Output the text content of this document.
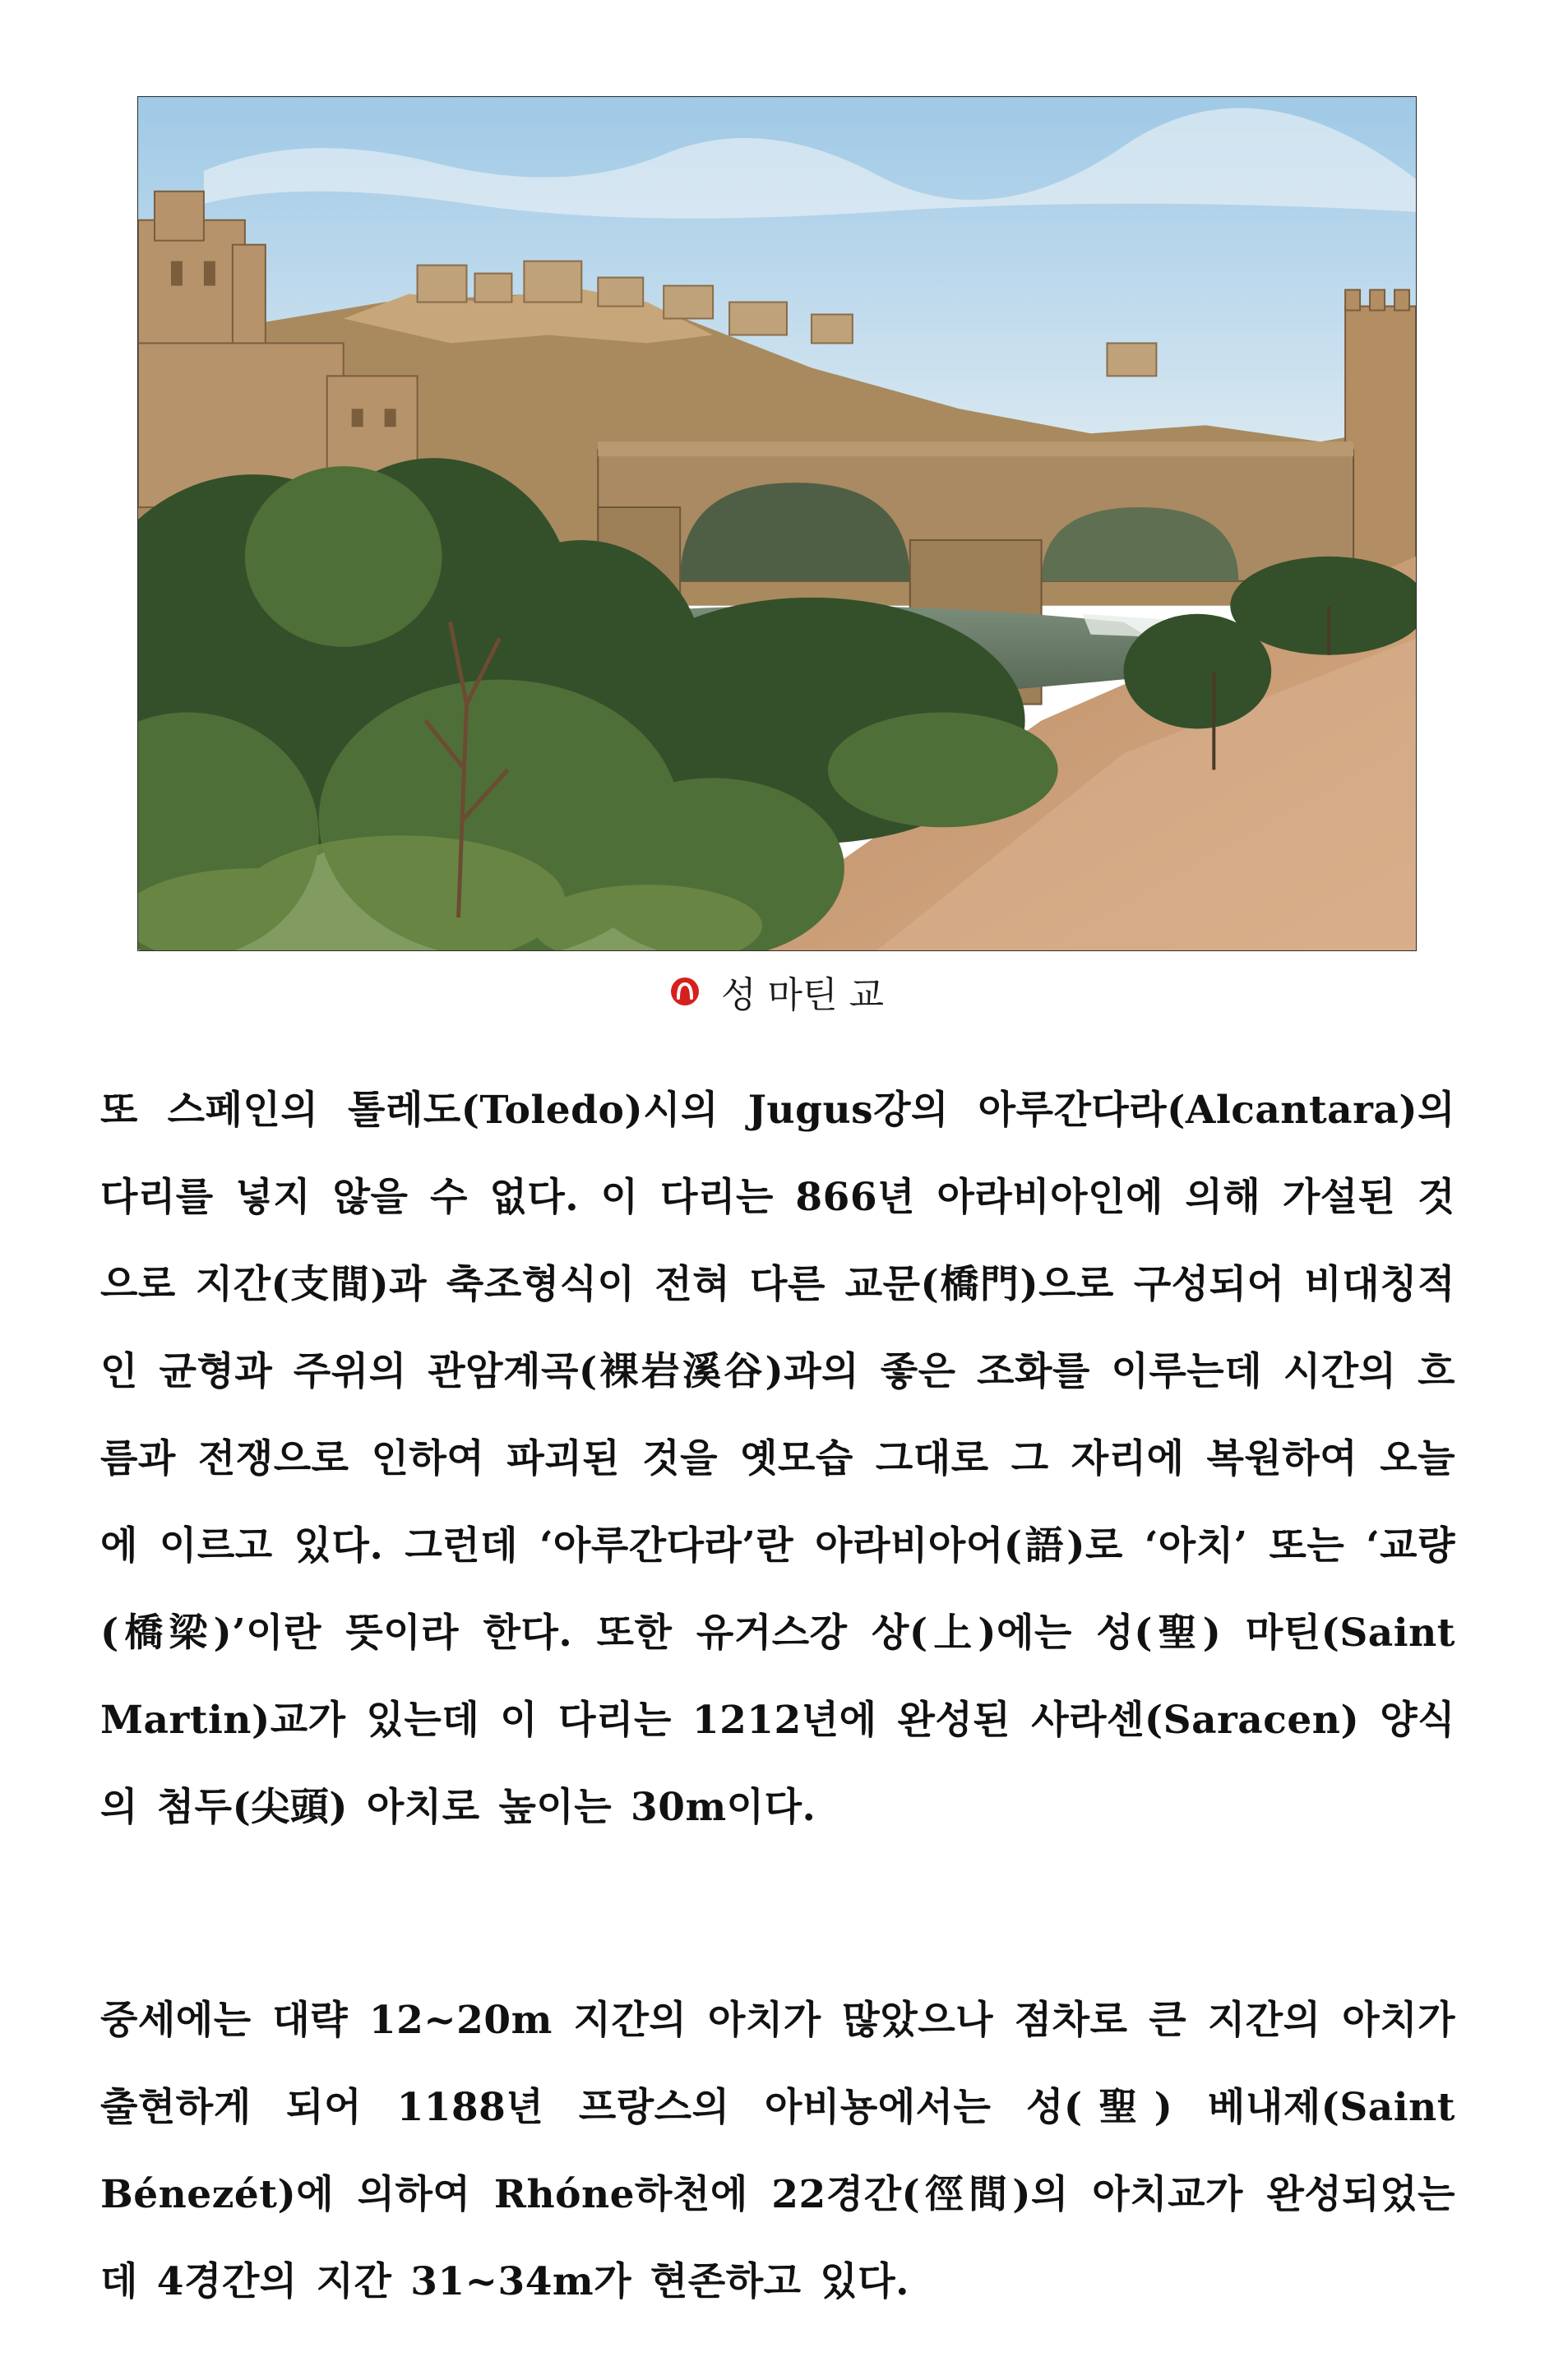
성 마틴 교

또 스페인의 톨레도(Toledo)시의 Jugus강의 아루간다라(Alcantara)의 다리를 넣지 않을 수 없다. 이 다리는 866년 아라비아인에 의해 가설된 것으로 지간(支間)과 축조형식이 전혀 다른 교문(橋門)으로 구성되어 비대칭적인 균형과 주위의 관암계곡(裸岩溪谷)과의 좋은 조화를 이루는데 시간의 흐름과 전쟁으로 인하여 파괴된 것을 옛모습 그대로 그 자리에 복원하여 오늘에 이르고 있다. 그런데 ‘아루간다라’란 아라비아어(語)로 ‘아치’ 또는 ‘교량(橋梁)’이란 뜻이라 한다. 또한 유거스강 상(上)에는 성(聖) 마틴(Saint Martin)교가 있는데 이 다리는 1212년에 완성된 사라센(Saracen) 양식의 첨두(尖頭) 아치로 높이는 30m이다.

중세에는 대략 12~20m 지간의 아치가 많았으나 점차로 큰 지간의 아치가 출현하게 되어 1188년 프랑스의 아비뇽에서는 성(聖) 베내제(Saint Bénezét)에 의하여 Rhóne하천에 22경간(徑間)의 아치교가 완성되었는데 4경간의 지간 31~34m가 현존하고 있다.
